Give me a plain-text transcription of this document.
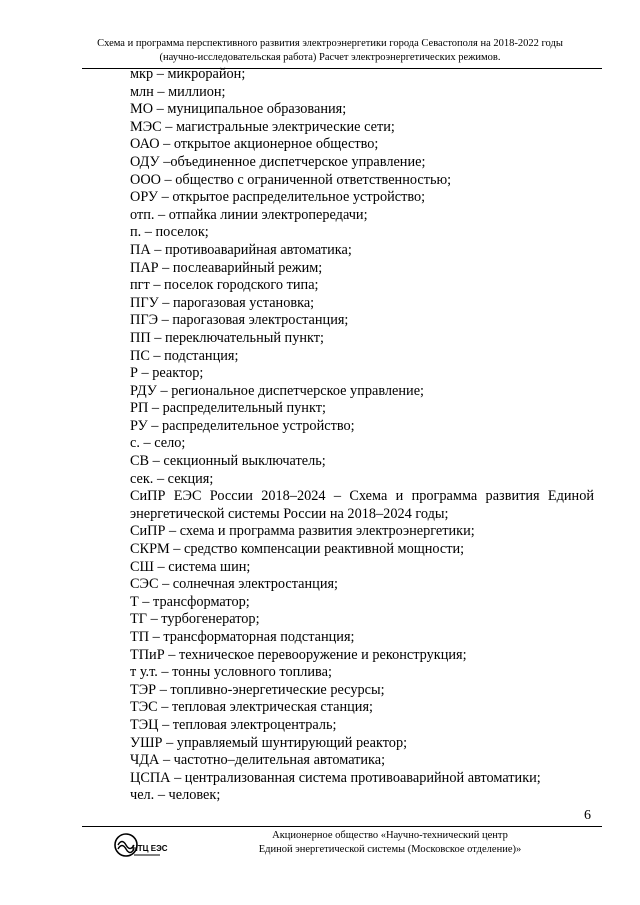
Схема и программа перспективного развития электроэнергетики города Севастополя на 2018-2022 годы
(научно-исследовательская работа) Расчет электроэнергетических режимов.
мкр – микрорайон;
млн – миллион;
МО – муниципальное образования;
МЭС – магистральные электрические сети;
ОАО – открытое акционерное общество;
ОДУ –объединенное диспетчерское управление;
ООО – общество с ограниченной ответственностью;
ОРУ – открытое распределительное устройство;
отп. – отпайка линии электропередачи;
п. – поселок;
ПА – противоаварийная автоматика;
ПАР – послеаварийный режим;
пгт – поселок городского типа;
ПГУ – парогазовая установка;
ПГЭ – парогазовая электростанция;
ПП – переключательный пункт;
ПС – подстанция;
Р – реактор;
РДУ – региональное диспетчерское управление;
РП – распределительный пункт;
РУ – распределительное устройство;
с. – село;
СВ – секционный выключатель;
сек. – секция;
СиПР ЕЭС России 2018–2024 – Схема и программа развития Единой энергетической системы России на 2018–2024 годы;
СиПР – схема и программа развития электроэнергетики;
СКРМ – средство компенсации реактивной мощности;
СШ – система шин;
СЭС – солнечная электростанция;
Т – трансформатор;
ТГ – турбогенератор;
ТП – трансформаторная подстанция;
ТПиР – техническое перевооружение и реконструкция;
т у.т. – тонны условного топлива;
ТЭР – топливно-энергетические ресурсы;
ТЭС – тепловая электрическая станция;
ТЭЦ – тепловая электроцентраль;
УШР – управляемый шунтирующий реактор;
ЧДА – частотно–делительная автоматика;
ЦСПА – централизованная система противоаварийной автоматики;
чел. – человек;
6
НТЦ ЕЭС
Акционерное общество «Научно-технический центр
Единой энергетической системы (Московское отделение)»
